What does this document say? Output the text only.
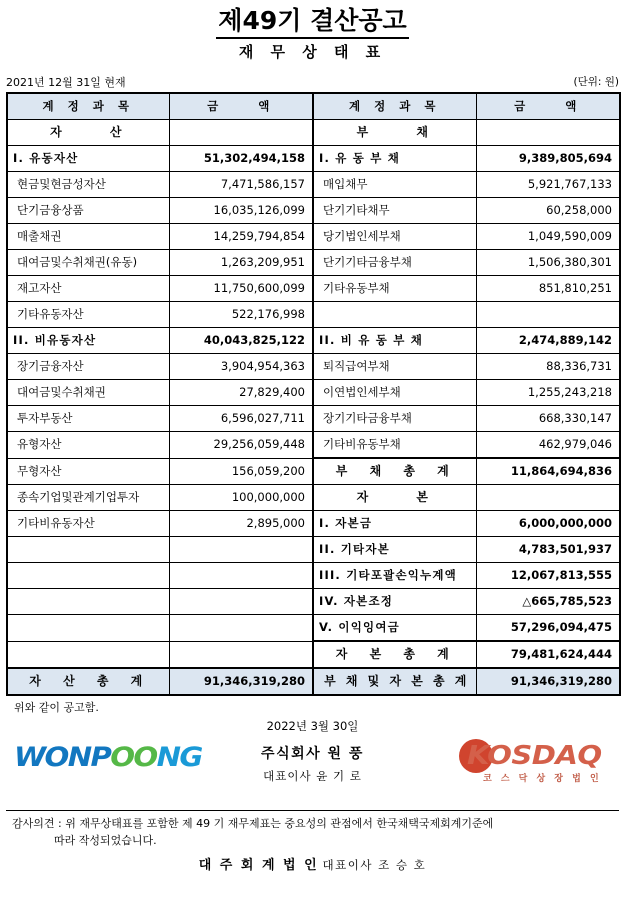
제49기 결산공고
재 무 상 태 표
2021년 12월 31일 현재	(단위: 원)
계 정 과 목	금 액	계 정 과 목	금 액
자 산		부 채	
I. 유동자산	51,302,494,158	I. 유 동 부 채	9,389,805,694
현금및현금성자산	7,471,586,157	매입채무	5,921,767,133
단기금융상품	16,035,126,099	단기기타채무	60,258,000
매출채권	14,259,794,854	당기법인세부채	1,049,590,009
대여금및수취채권(유동)	1,263,209,951	단기기타금융부채	1,506,380,301
재고자산	11,750,600,099	기타유동부채	851,810,251
기타유동자산	522,176,998		
II. 비유동자산	40,043,825,122	II. 비 유 동 부 채	2,474,889,142
장기금융자산	3,904,954,363	퇴직급여부채	88,336,731
대여금및수취채권	27,829,400	이연법인세부채	1,255,243,218
투자부동산	6,596,027,711	장기기타금융부채	668,330,147
유형자산	29,256,059,448	기타비유동부채	462,979,046
무형자산	156,059,200	부 채 총 계	11,864,694,836
종속기업및관계기업투자	100,000,000	자 본	
기타비유동자산	2,895,000	I. 자본금	6,000,000,000
		II. 기타자본	4,783,501,937
		III. 기타포괄손익누계액	12,067,813,555
		IV. 자본조정	△665,785,523
		V. 이익잉여금	57,296,094,475
		자 본 총 계	79,481,624,444
자 산 총 계	91,346,319,280	부 채 및 자 본 총 계	91,346,319,280
위와 같이 공고함.
WONPOONG
2022년 3월 30일
주식회사 원 풍
대표이사 윤 기 로
KOSDAQ
코 스 닥 상 장 법 인
감사의견 : 위 재무상태표를 포함한 제 49 기 재무제표는 중요성의 관점에서 한국채택국제회계기준에
따라 작성되었습니다.
대 주 회 계 법 인 대표이사 조 승 호
